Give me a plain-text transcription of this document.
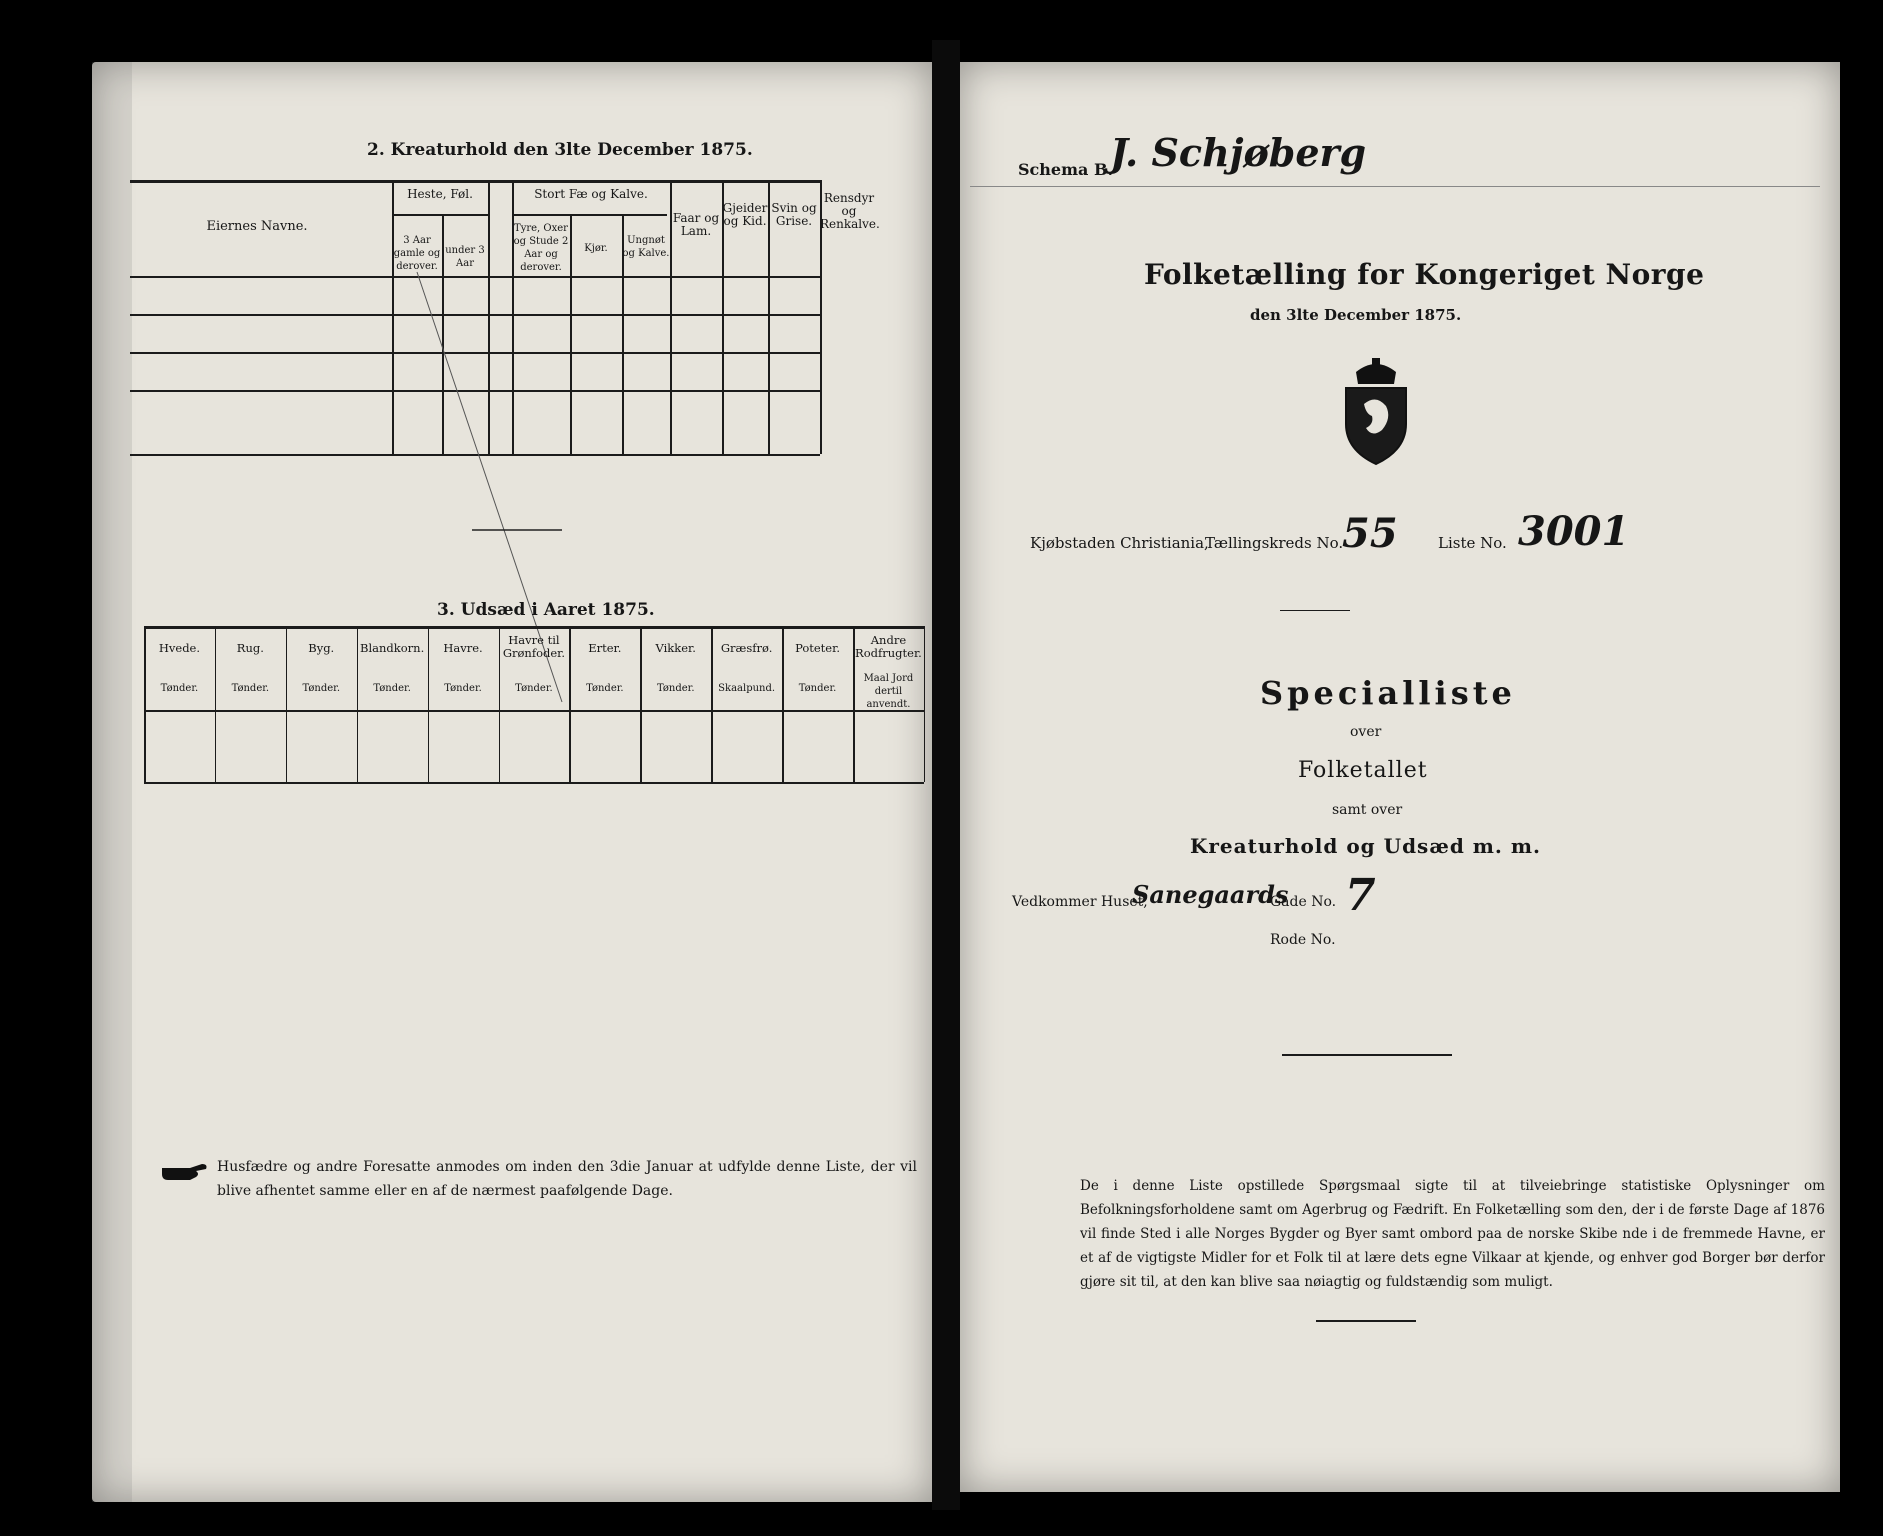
2. Kreaturhold den 3lte December 1875.
Eiernes Navne.
Heste, Føl.
3 Aar gamle og derover.
under 3 Aar
Stort Fæ og Kalve.
Tyre, Oxer og Stude 2 Aar og derover.
Kjør.
Ungnøt og Kalve.
Faar og Lam.
Gjeider og Kid.
Svin og Grise.
Rensdyr og Renkalve.
3. Udsæd i Aaret 1875.
Hvede.
Tønder.
Rug.
Tønder.
Byg.
Tønder.
Blandkorn.
Tønder.
Havre.
Tønder.
Havre til Grønfoder.
Tønder.
Erter.
Tønder.
Vikker.
Tønder.
Græsfrø.
Skaalpund.
Poteter.
Tønder.
Andre Rodfrugter.
Maal Jord dertil anvendt.
Husfædre og andre Foresatte anmodes om inden den 3die Januar at udfylde denne Liste, der vil blive afhentet samme eller en af de nærmest paafølgende Dage.
Schema B.
J. Schjøberg
Folketælling for Kongeriget Norge
den 3lte December 1875.
Kjøbstaden Christiania,
Tællingskreds No.
55	Liste No. 3001
Specialliste
over
Folketallet
samt over
Kreaturhold og Udsæd m. m.
Vedkommer Huset,
Sanegaards
Gade No. 7
Rode No.
De i denne Liste opstillede Spørgsmaal sigte til at tilveiebringe statistiske Oplysninger om Befolkningsforholdene samt om Agerbrug og Fædrift. En Folketælling som den, der i de første Dage af 1876 vil finde Sted i alle Norges Bygder og Byer samt ombord paa de norske Skibe nde i de fremmede Havne, er et af de vigtigste Midler for et Folk til at lære dets egne Vilkaar at kjende, og enhver god Borger bør derfor gjøre sit til, at den kan blive saa nøiagtig og fuldstændig som muligt.
